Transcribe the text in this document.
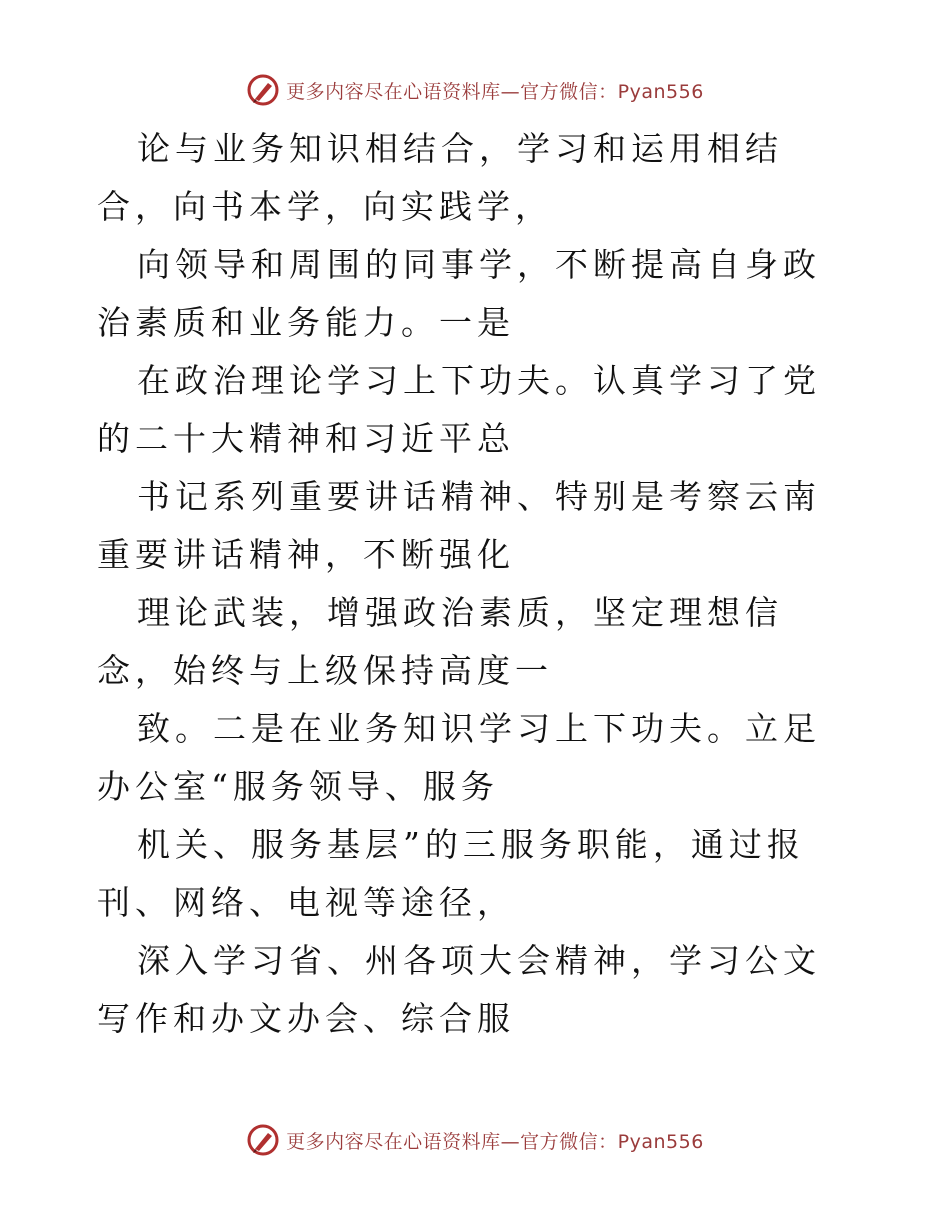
更多内容尽在心语资料库—官方微信：Pyan556

论与业务知识相结合，学习和运用相结合，向书本学，向实践学，

向领导和周围的同事学，不断提高自身政治素质和业务能力。一是

在政治理论学习上下功夫。认真学习了党的二十大精神和习近平总

书记系列重要讲话精神、特别是考察云南重要讲话精神，不断强化

理论武装，增强政治素质，坚定理想信念，始终与上级保持高度一

致。二是在业务知识学习上下功夫。立足办公室“服务领导、服务

机关、服务基层”的三服务职能，通过报刊、网络、电视等途径，

深入学习省、州各项大会精神，学习公文写作和办文办会、综合服

更多内容尽在心语资料库—官方微信：Pyan556
